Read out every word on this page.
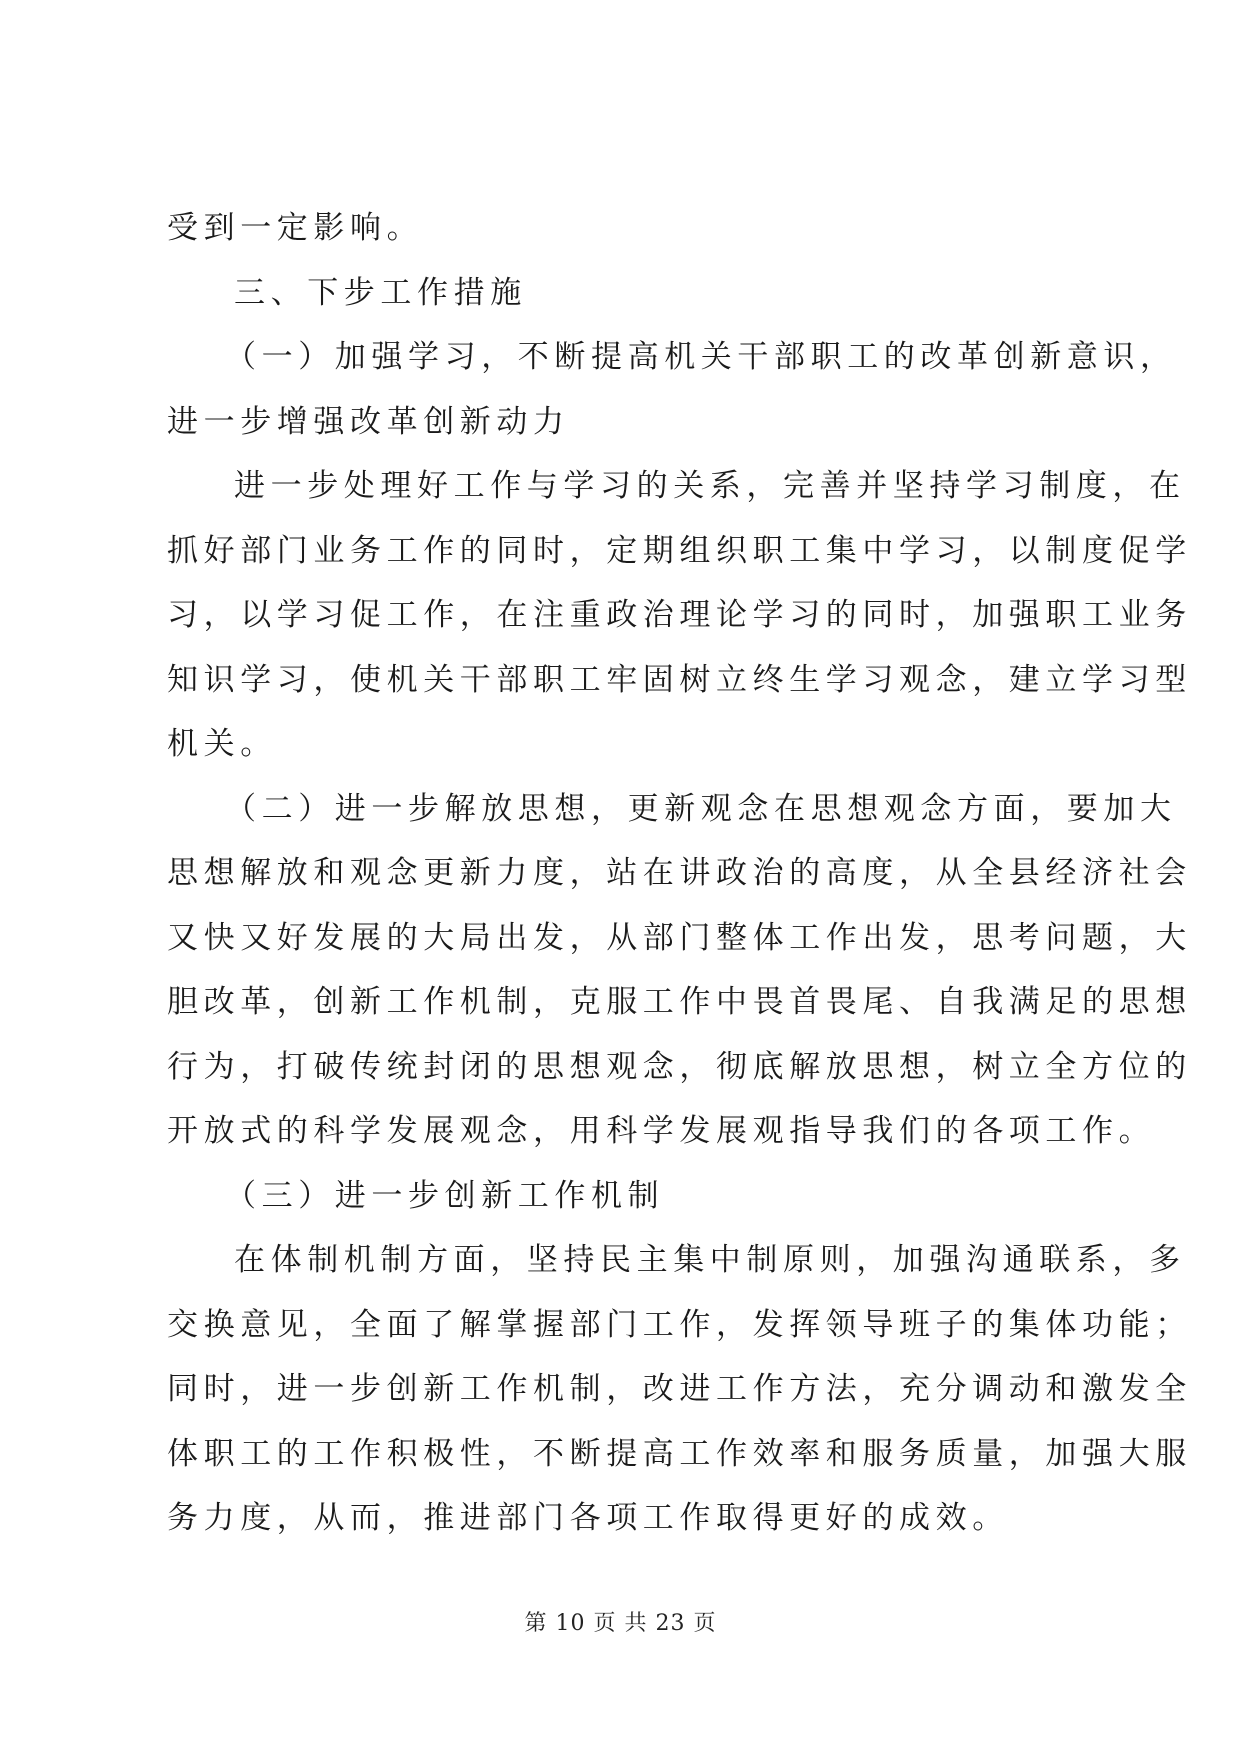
受到一定影响。
三、下步工作措施
（一）加强学习，不断提高机关干部职工的改革创新意识，
进一步增强改革创新动力
进一步处理好工作与学习的关系，完善并坚持学习制度，在
抓好部门业务工作的同时，定期组织职工集中学习，以制度促学
习，以学习促工作，在注重政治理论学习的同时，加强职工业务
知识学习，使机关干部职工牢固树立终生学习观念，建立学习型
机关。
（二）进一步解放思想，更新观念在思想观念方面，要加大
思想解放和观念更新力度，站在讲政治的高度，从全县经济社会
又快又好发展的大局出发，从部门整体工作出发，思考问题，大
胆改革，创新工作机制，克服工作中畏首畏尾、自我满足的思想
行为，打破传统封闭的思想观念，彻底解放思想，树立全方位的
开放式的科学发展观念，用科学发展观指导我们的各项工作。
（三）进一步创新工作机制
在体制机制方面，坚持民主集中制原则，加强沟通联系，多
交换意见，全面了解掌握部门工作，发挥领导班子的集体功能；
同时，进一步创新工作机制，改进工作方法，充分调动和激发全
体职工的工作积极性，不断提高工作效率和服务质量，加强大服
务力度，从而，推进部门各项工作取得更好的成效。
第 10 页 共 23 页
